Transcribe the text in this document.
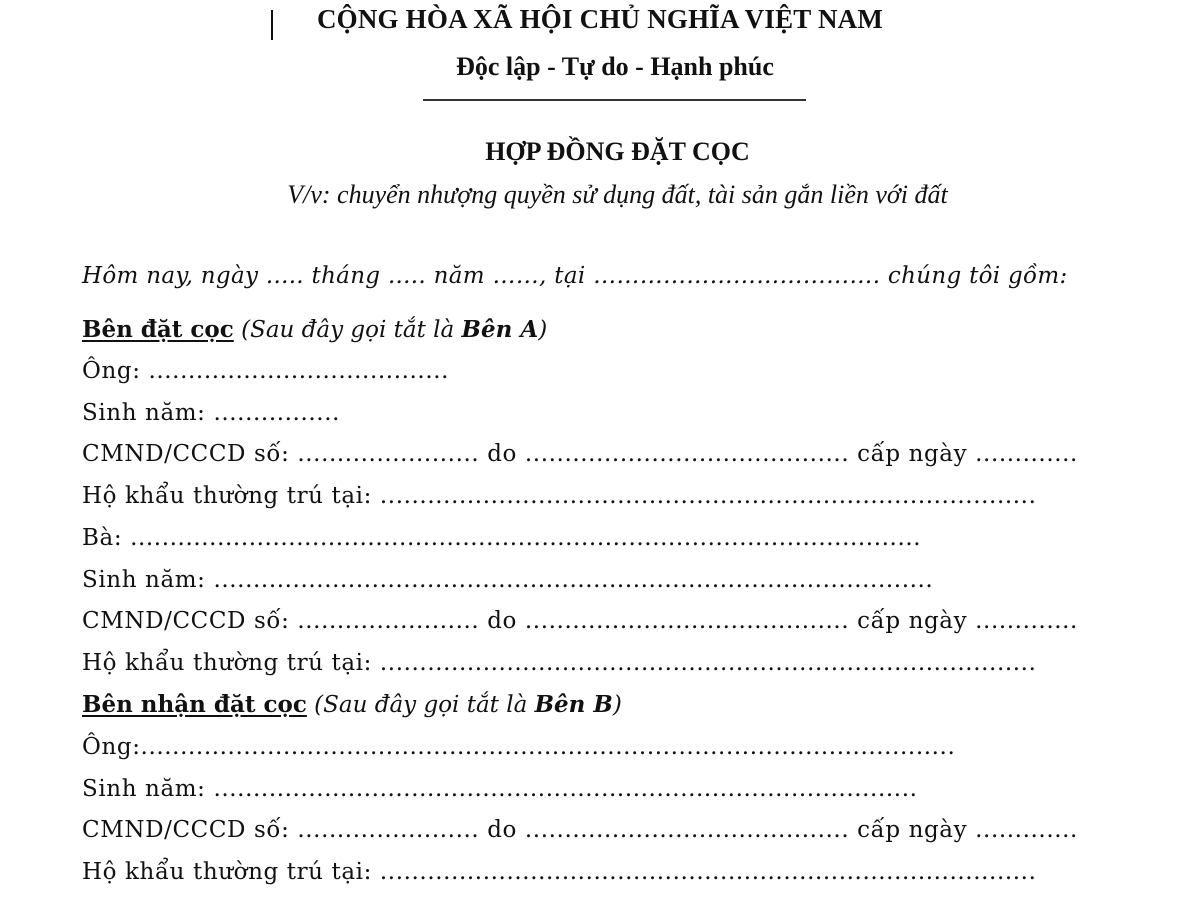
CỘNG HÒA XÃ HỘI CHỦ NGHĨA VIỆT NAM
Độc lập - Tự do - Hạnh phúc
HỢP ĐỒNG ĐẶT CỌC
V/v: chuyển nhượng quyền sử dụng đất, tài sản gắn liền với đất
Hôm nay, ngày ..... tháng ..... năm ……, tại ………………………………. chúng tôi gồm:
Bên đặt cọc (Sau đây gọi tắt là Bên A)
Ông: ......................................
Sinh năm: ................
CMND/CCCD số: ....................... do ......................................... cấp ngày .............
Hộ khẩu thường trú tại: ...................................................................................
Bà: ....................................................................................................
Sinh năm: ...........................................................................................
CMND/CCCD số: ....................... do ......................................... cấp ngày .............
Hộ khẩu thường trú tại: ...................................................................................
Bên nhận đặt cọc (Sau đây gọi tắt là Bên B)
Ông:.......................................................................................................
Sinh năm: .........................................................................................
CMND/CCCD số: ....................... do ......................................... cấp ngày .............
Hộ khẩu thường trú tại: ...................................................................................
